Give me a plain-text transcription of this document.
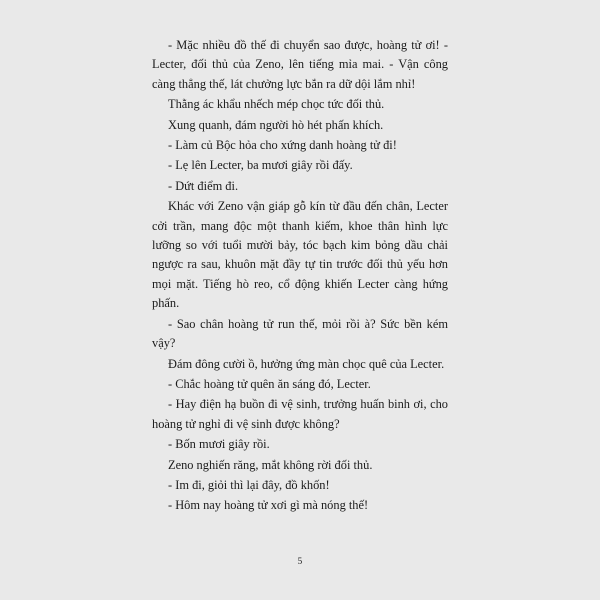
- Mặc nhiều đồ thế đi chuyển sao được, hoàng tử ơi! - Lecter, đối thủ của Zeno, lên tiếng mỉa mai. - Vận công càng thẳng thế, lát chưởng lực bắn ra dữ dội lắm nhỉ!

Thằng ác khẩu nhếch mép chọc tức đối thủ.

Xung quanh, đám người hò hét phấn khích.

- Làm củ Bộc hỏa cho xứng danh hoàng tử đi!

- Lẹ lên Lecter, ba mươi giây rồi đấy.

- Dứt điểm đi.

Khác với Zeno vận giáp gỗ kín từ đầu đến chân, Lecter cởi trần, mang độc một thanh kiếm, khoe thân hình lực lưỡng so với tuổi mười bảy, tóc bạch kim bỏng dầu chải ngược ra sau, khuôn mặt đầy tự tin trước đối thủ yếu hơn mọi mặt. Tiếng hò reo, cổ động khiến Lecter càng hứng phấn.

- Sao chân hoàng tử run thế, mỏi rồi à? Sức bền kém vậy?

Đám đông cười ồ, hưởng ứng màn chọc quê của Lecter.

- Chắc hoàng tử quên ăn sáng đó, Lecter.

- Hay điện hạ buồn đi vệ sinh, trưởng huấn binh ơi, cho hoàng tử nghỉ đi vệ sinh được không?

- Bốn mươi giây rồi.

Zeno nghiến răng, mắt không rời đối thủ.

- Im đi, giỏi thì lại đây, đồ khốn!

- Hôm nay hoàng tử xơi gì mà nóng thế!

5
